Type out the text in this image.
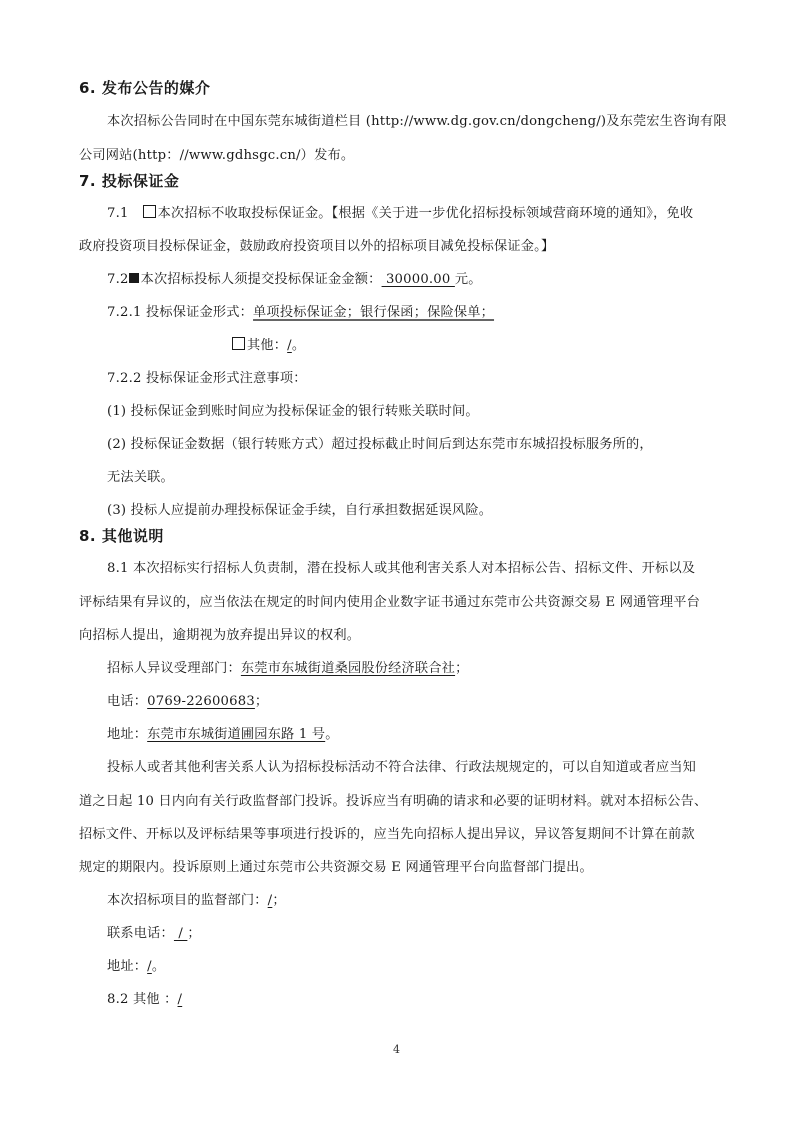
6. 发布公告的媒介
本次招标公告同时在中国东莞东城街道栏目 (http://www.dg.gov.cn/dongcheng/)及东莞宏生咨询有限
公司网站(http：//www.gdhsgc.cn/）发布。
7. 投标保证金
7.1 本次招标不收取投标保证金。【根据《关于进一步优化招标投标领域营商环境的通知》，免收
政府投资项目投标保证金，鼓励政府投资项目以外的招标项目减免投标保证金。】
7.2 本次招标投标人须提交投标保证金金额： 30000.00 元。
7.2.1 投标保证金形式：单项投标保证金；银行保函；保险保单；
其他：/。
7.2.2 投标保证金形式注意事项：
(1) 投标保证金到账时间应为投标保证金的银行转账关联时间。
(2) 投标保证金数据（银行转账方式）超过投标截止时间后到达东莞市东城招投标服务所的，
无法关联。
(3) 投标人应提前办理投标保证金手续，自行承担数据延误风险。
8. 其他说明
8.1 本次招标实行招标人负责制，潜在投标人或其他利害关系人对本招标公告、招标文件、开标以及
评标结果有异议的，应当依法在规定的时间内使用企业数字证书通过东莞市公共资源交易 E 网通管理平台
向招标人提出，逾期视为放弃提出异议的权利。
招标人异议受理部门：东莞市东城街道桑园股份经济联合社；
电话：0769-22600683；
地址：东莞市东城街道圃园东路 1 号。
投标人或者其他利害关系人认为招标投标活动不符合法律、行政法规规定的，可以自知道或者应当知
道之日起 10 日内向有关行政监督部门投诉。投诉应当有明确的请求和必要的证明材料。就对本招标公告、
招标文件、开标以及评标结果等事项进行投诉的，应当先向招标人提出异议，异议答复期间不计算在前款
规定的期限内。投诉原则上通过东莞市公共资源交易 E 网通管理平台向监督部门提出。
本次招标项目的监督部门：/；
联系电话： / ；
地址：/。
8.2 其他 ：/
4
